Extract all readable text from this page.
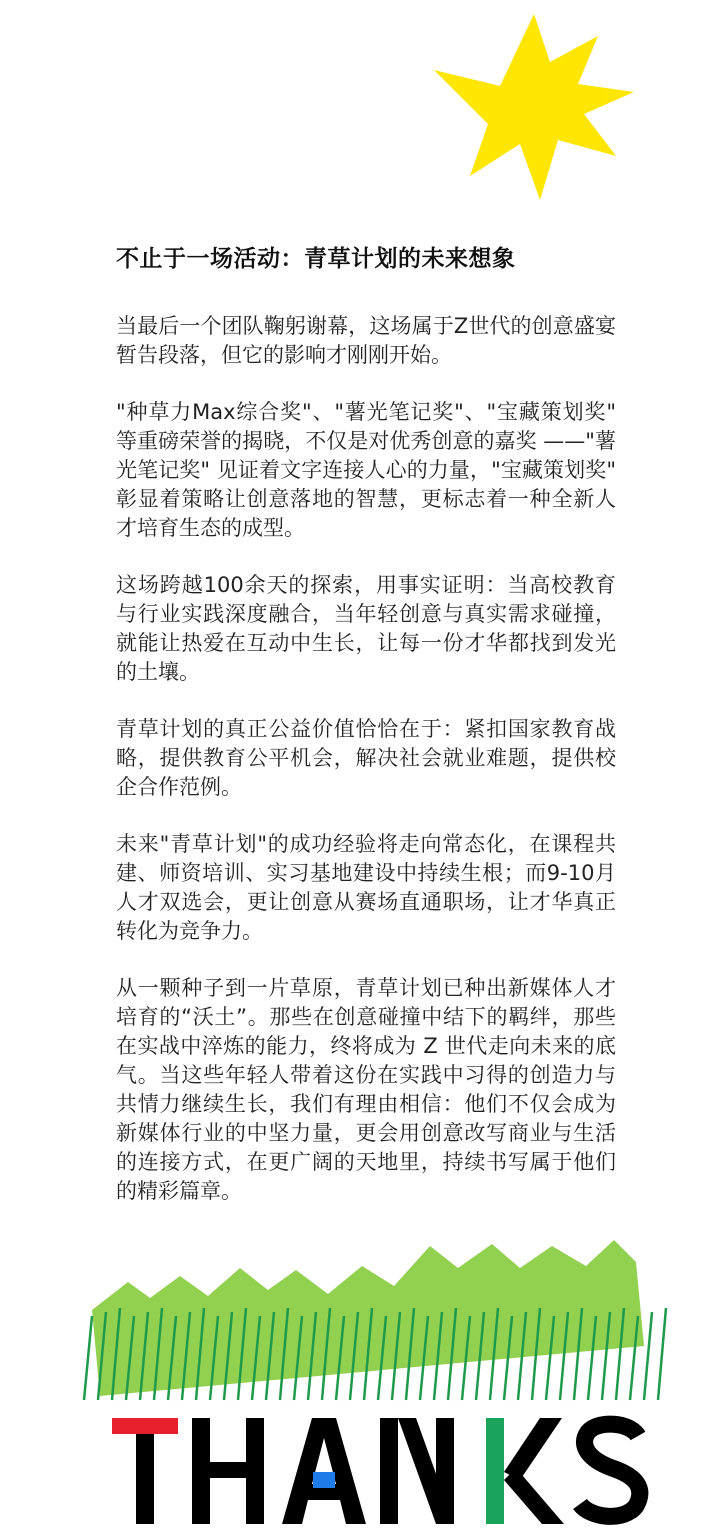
不止于一场活动：青草计划的未来想象

当最后一个团队鞠躬谢幕，这场属于Z世代的创意盛宴暂告段落，但它的影响才刚刚开始。

"种草力Max综合奖"、"薯光笔记奖"、"宝藏策划奖" 等重磅荣誉的揭晓，不仅是对优秀创意的嘉奖 ——"薯光笔记奖" 见证着文字连接人心的力量，"宝藏策划奖" 彰显着策略让创意落地的智慧，更标志着一种全新人才培育生态的成型。

这场跨越100余天的探索，用事实证明：当高校教育与行业实践深度融合，当年轻创意与真实需求碰撞，就能让热爱在互动中生长，让每一份才华都找到发光的土壤。

青草计划的真正公益价值恰恰在于：紧扣国家教育战略，提供教育公平机会，解决社会就业难题，提供校企合作范例。

未来"青草计划"的成功经验将走向常态化，在课程共建、师资培训、实习基地建设中持续生根；而9-10月人才双选会，更让创意从赛场直通职场，让才华真正转化为竞争力。

从一颗种子到一片草原，青草计划已种出新媒体人才培育的“沃土”。那些在创意碰撞中结下的羁绊，那些在实战中淬炼的能力，终将成为 Z 世代走向未来的底气。当这些年轻人带着这份在实践中习得的创造力与共情力继续生长，我们有理由相信：他们不仅会成为新媒体行业的中坚力量，更会用创意改写商业与生活的连接方式，在更广阔的天地里，持续书写属于他们的精彩篇章。
